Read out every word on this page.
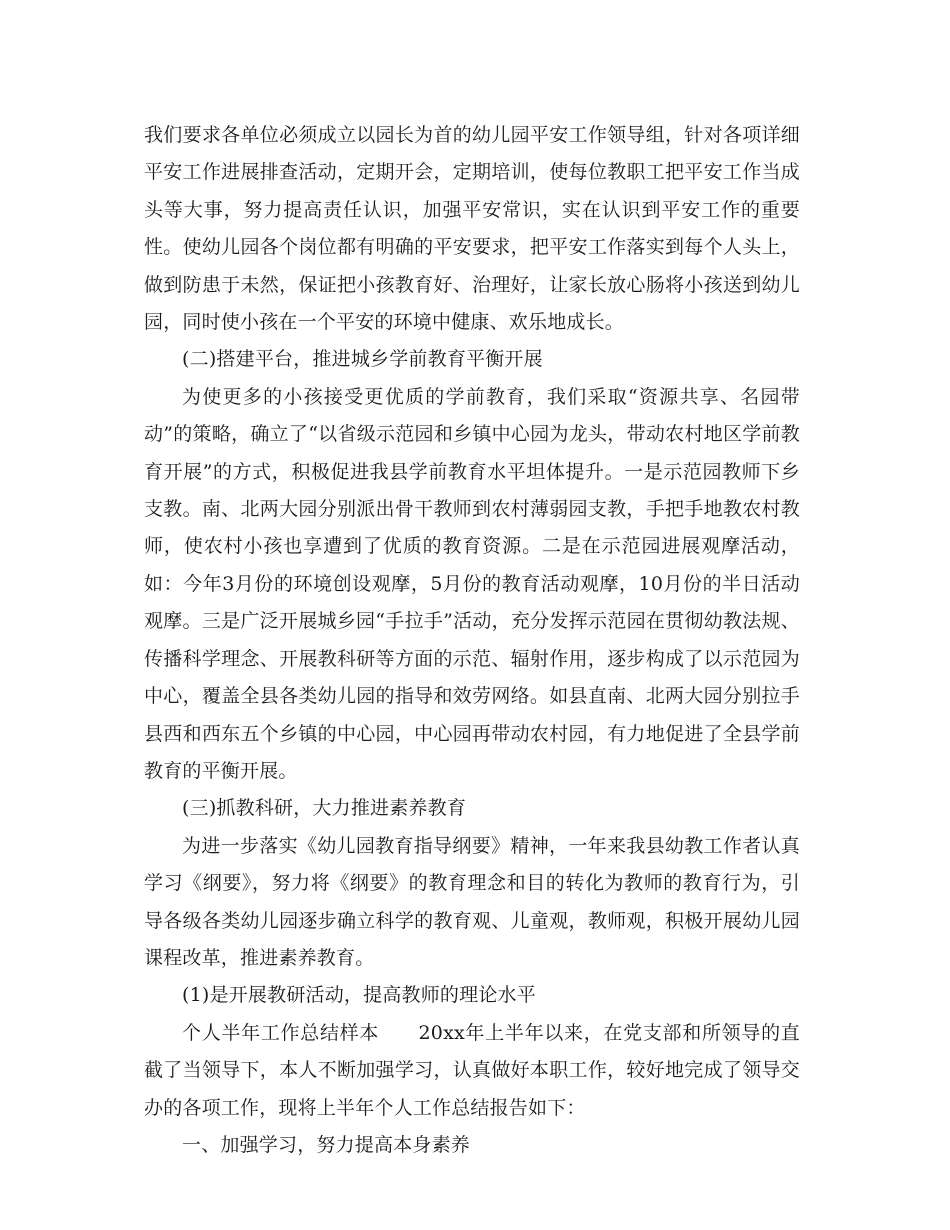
我们要求各单位必须成立以园长为首的幼儿园平安工作领导组，针对各项详细平安工作进展排查活动，定期开会，定期培训，使每位教职工把平安工作当成头等大事，努力提高责任认识，加强平安常识，实在认识到平安工作的重要性。使幼儿园各个岗位都有明确的平安要求，把平安工作落实到每个人头上，做到防患于未然，保证把小孩教育好、治理好，让家长放心肠将小孩送到幼儿园，同时使小孩在一个平安的环境中健康、欢乐地成长。

(二)搭建平台，推进城乡学前教育平衡开展

为使更多的小孩接受更优质的学前教育，我们采取“资源共享、名园带动”的策略，确立了“以省级示范园和乡镇中心园为龙头，带动农村地区学前教育开展”的方式，积极促进我县学前教育水平坦体提升。一是示范园教师下乡支教。南、北两大园分别派出骨干教师到农村薄弱园支教，手把手地教农村教师，使农村小孩也享遭到了优质的教育资源。二是在示范园进展观摩活动，如：今年3月份的环境创设观摩，5月份的教育活动观摩，10月份的半日活动观摩。三是广泛开展城乡园“手拉手”活动，充分发挥示范园在贯彻幼教法规、传播科学理念、开展教科研等方面的示范、辐射作用，逐步构成了以示范园为中心，覆盖全县各类幼儿园的指导和效劳网络。如县直南、北两大园分别拉手县西和西东五个乡镇的中心园，中心园再带动农村园，有力地促进了全县学前教育的平衡开展。

(三)抓教科研，大力推进素养教育

为进一步落实《幼儿园教育指导纲要》精神，一年来我县幼教工作者认真学习《纲要》，努力将《纲要》的教育理念和目的转化为教师的教育行为，引导各级各类幼儿园逐步确立科学的教育观、儿童观，教师观，积极开展幼儿园课程改革，推进素养教育。

(1)是开展教研活动，提高教师的理论水平

个人半年工作总结样本　　20xx年上半年以来，在党支部和所领导的直截了当领导下，本人不断加强学习，认真做好本职工作，较好地完成了领导交办的各项工作，现将上半年个人工作总结报告如下：

一、加强学习，努力提高本身素养
